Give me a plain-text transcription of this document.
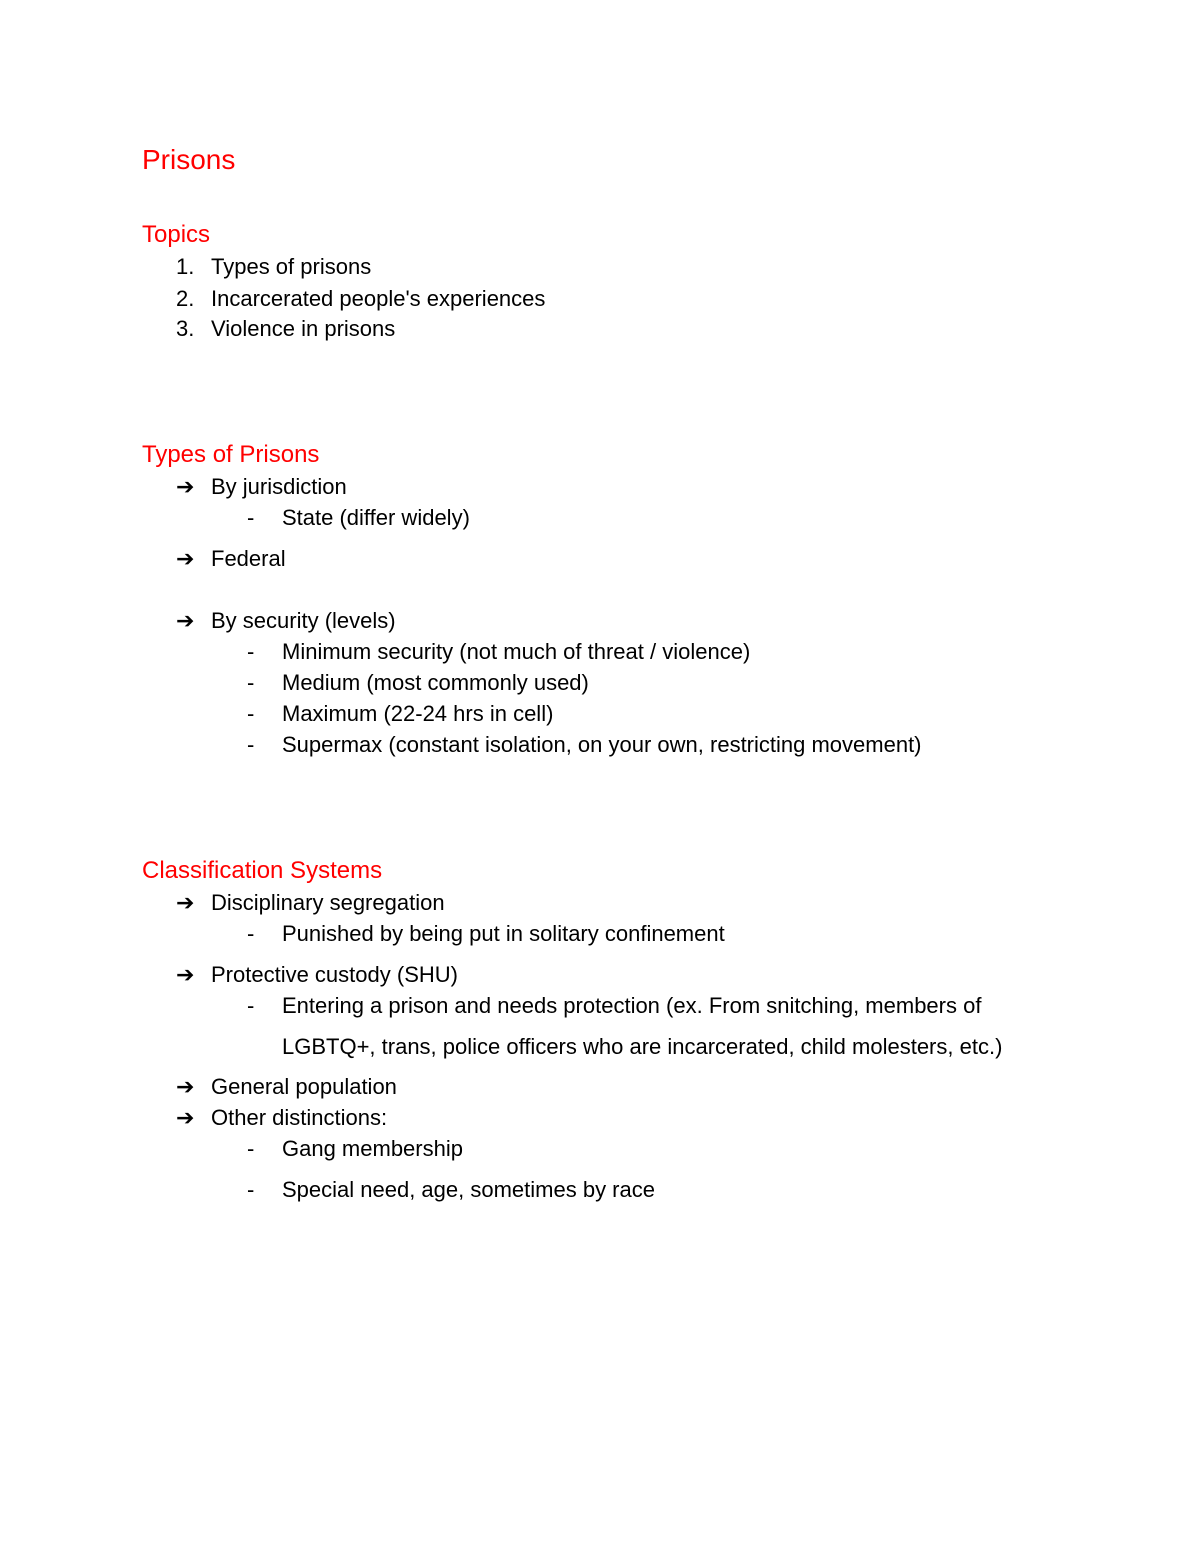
Prisons
Topics
1. Types of prisons
2. Incarcerated people's experiences
3. Violence in prisons
Types of Prisons
➔ By jurisdiction
- State (differ widely)
➔ Federal
➔ By security (levels)
- Minimum security (not much of threat / violence)
- Medium (most commonly used)
- Maximum (22-24 hrs in cell)
- Supermax (constant isolation, on your own, restricting movement)
Classification Systems
➔ Disciplinary segregation
- Punished by being put in solitary confinement
➔ Protective custody (SHU)
- Entering a prison and needs protection (ex. From snitching, members of
LGBTQ+, trans, police officers who are incarcerated, child molesters, etc.)
➔ General population
➔ Other distinctions:
- Gang membership
- Special need, age, sometimes by race
